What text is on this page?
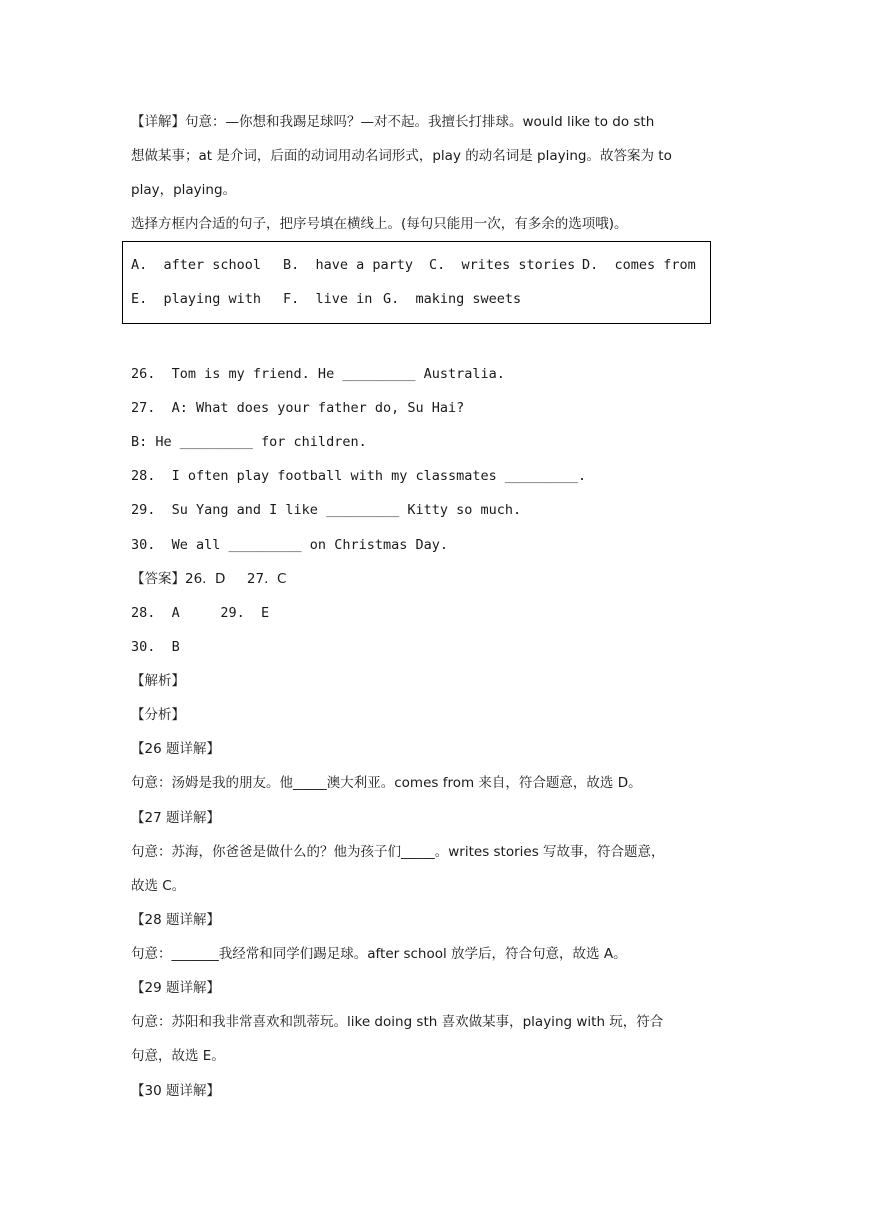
【详解】句意：—你想和我踢足球吗？—对不起。我擅长打排球。would like to do sth
想做某事；at 是介词，后面的动词用动名词形式，play 的动名词是 playing。故答案为 to
play，playing。
选择方框内合适的句子，把序号填在横线上。(每句只能用一次，有多余的选项哦)。
A.  after school B.  have a party C.  writes stories D.  comes from
E.  playing with F.  live in G.  making sweets
26.  Tom is my friend. He _________ Australia.
27.  A: What does your father do, Su Hai?
B: He _________ for children.
28.  I often play football with my classmates _________.
29.  Su Yang and I like _________ Kitty so much.
30.  We all _________ on Christmas Day.
【答案】26.  D     27.  C
28.  A     29.  E
30.  B
【解析】
【分析】
【26 题详解】
句意：汤姆是我的朋友。他_____澳大利亚。comes from 来自，符合题意，故选 D。
【27 题详解】
句意：苏海，你爸爸是做什么的？他为孩子们_____。writes stories 写故事，符合题意，
故选 C。
【28 题详解】
句意：_______我经常和同学们踢足球。after school 放学后，符合句意，故选 A。
【29 题详解】
句意：苏阳和我非常喜欢和凯蒂玩。like doing sth 喜欢做某事，playing with 玩，符合
句意，故选 E。
【30 题详解】
